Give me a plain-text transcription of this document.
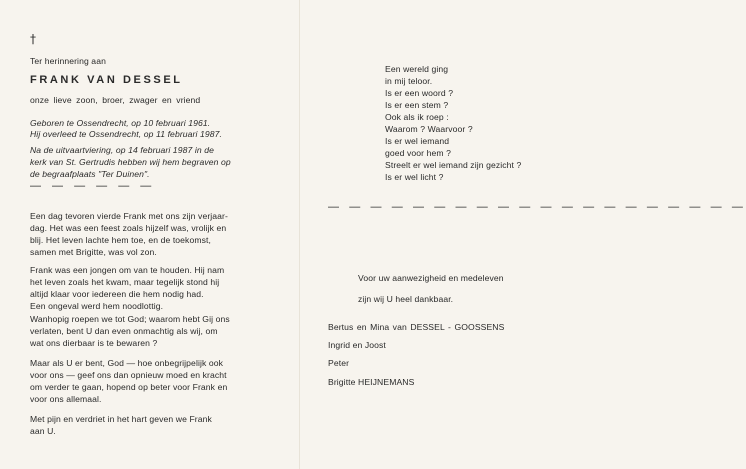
†
Ter herinnering aan
FRANK VAN DESSEL
onze lieve zoon, broer, zwager en vriend
Geboren te Ossendrecht, op 10 februari 1961.
Hij overleed te Ossendrecht, op 11 februari 1987.
Na de uitvaartviering, op 14 februari 1987 in de
kerk van St. Gertrudis hebben wij hem begraven op
de begraafplaats "Ter Duinen".
— — — — — —
Een dag tevoren vierde Frank met ons zijn verjaar-
dag. Het was een feest zoals hijzelf was, vrolijk en
blij. Het leven lachte hem toe, en de toekomst,
samen met Brigitte, was vol zon.
Frank was een jongen om van te houden. Hij nam
het leven zoals het kwam, maar tegelijk stond hij
altijd klaar voor iedereen die hem nodig had.
Een ongeval werd hem noodlottig.
Wanhopig roepen we tot God; waarom hebt Gij ons
verlaten, bent U dan even onmachtig als wij, om
wat ons dierbaar is te bewaren ?
Maar als U er bent, God — hoe onbegrijpelijk ook
voor ons — geef ons dan opnieuw moed en kracht
om verder te gaan, hopend op beter voor Frank en
voor ons allemaal.
Met pijn en verdriet in het hart geven we Frank
aan U.
Een wereld ging
in mij teloor.
Is er een woord ?
Is er een stem ?
Ook als ik roep :
Waarom ? Waarvoor ?
Is er wel iemand
goed voor hem ?
Streelt er wel iemand zijn gezicht ?
Is er wel licht ?
— — — — — — — — — — — — — — — — — — — —
Voor uw aanwezigheid en medeleven
zijn wij U heel dankbaar.
Bertus en Mina van DESSEL - GOOSSENS
Ingrid en Joost
Peter
Brigitte HEIJNEMANS
